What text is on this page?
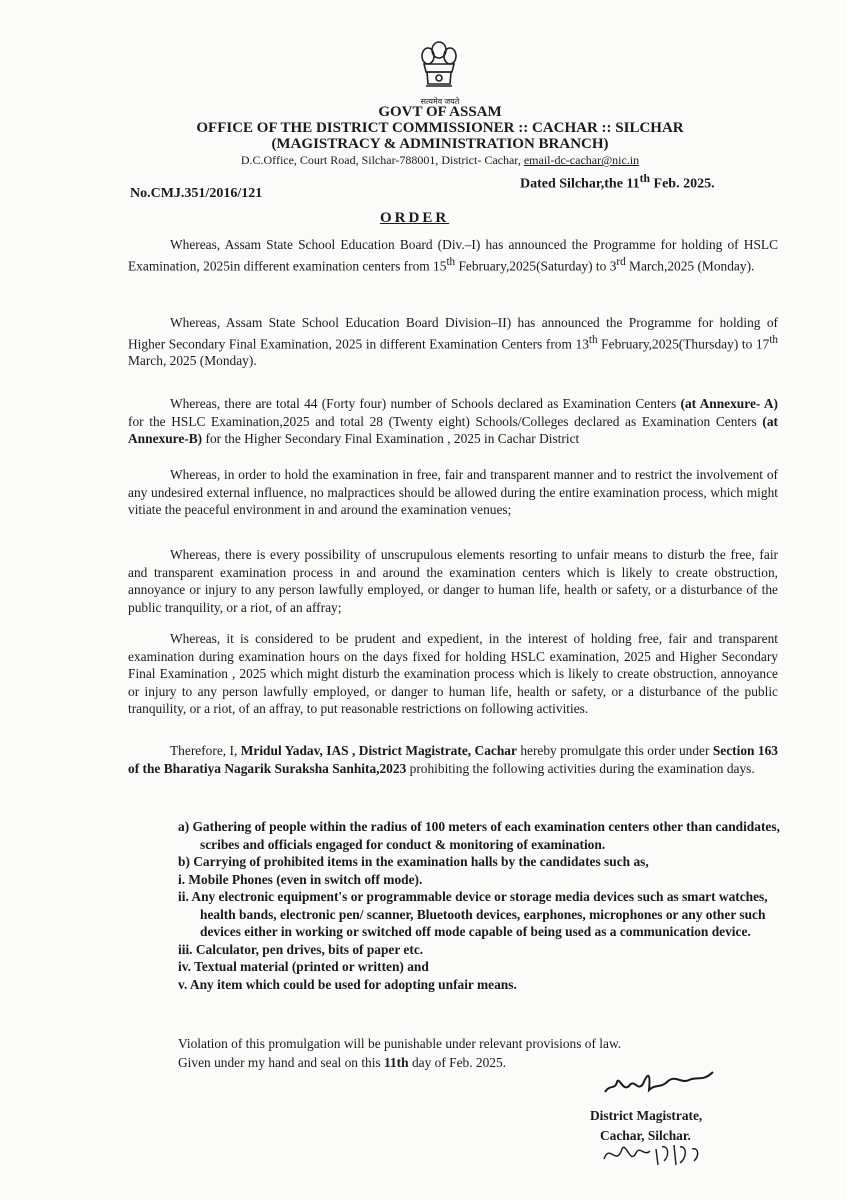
सत्यमेव जयते
GOVT OF ASSAM
OFFICE OF THE DISTRICT COMMISSIONER :: CACHAR :: SILCHAR
(MAGISTRACY & ADMINISTRATION BRANCH)
D.C.Office, Court Road, Silchar-788001, District- Cachar, email-dc-cachar@nic.in
Dated Silchar,the 11th Feb. 2025.
No.CMJ.351/2016/121
ORDER

Whereas, Assam State School Education Board (Div.–I) has announced the Programme for holding of HSLC Examination, 2025in different examination centers from 15th February,2025(Saturday) to 3rd March,2025 (Monday).

Whereas, Assam State School Education Board Division–II) has announced the Programme for holding of Higher Secondary Final Examination, 2025 in different Examination Centers from 13th February,2025(Thursday) to 17th March, 2025 (Monday).

Whereas, there are total 44 (Forty four) number of Schools declared as Examination Centers (at Annexure- A) for the HSLC Examination,2025 and total 28 (Twenty eight) Schools/Colleges declared as Examination Centers (at Annexure-B) for the Higher Secondary Final Examination , 2025 in Cachar District

Whereas, in order to hold the examination in free, fair and transparent manner and to restrict the involvement of any undesired external influence, no malpractices should be allowed during the entire examination process, which might vitiate the peaceful environment in and around the examination venues;

Whereas, there is every possibility of unscrupulous elements resorting to unfair means to disturb the free, fair and transparent examination process in and around the examination centers which is likely to create obstruction, annoyance or injury to any person lawfully employed, or danger to human life, health or safety, or a disturbance of the public tranquility, or a riot, of an affray;

Whereas, it is considered to be prudent and expedient, in the interest of holding free, fair and transparent examination during examination hours on the days fixed for holding HSLC examination, 2025 and Higher Secondary Final Examination , 2025 which might disturb the examination process which is likely to create obstruction, annoyance or injury to any person lawfully employed, or danger to human life, health or safety, or a disturbance of the public tranquility, or a riot, of an affray, to put reasonable restrictions on following activities.

Therefore, I, Mridul Yadav, IAS , District Magistrate, Cachar hereby promulgate this order under Section 163 of the Bharatiya Nagarik Suraksha Sanhita,2023 prohibiting the following activities during the examination days.

a) Gathering of people within the radius of 100 meters of each examination centers other than candidates, scribes and officials engaged for conduct & monitoring of examination.
b) Carrying of prohibited items in the examination halls by the candidates such as,
i. Mobile Phones (even in switch off mode).
ii. Any electronic equipment's or programmable device or storage media devices such as smart watches, health bands, electronic pen/ scanner, Bluetooth devices, earphones, microphones or any other such devices either in working or switched off mode capable of being used as a communication device.
iii. Calculator, pen drives, bits of paper etc.
iv. Textual material (printed or written) and
v. Any item which could be used for adopting unfair means.
Violation of this promulgation will be punishable under relevant provisions of law.
Given under my hand and seal on this 11th day of Feb. 2025.
District Magistrate,
Cachar, Silchar.
